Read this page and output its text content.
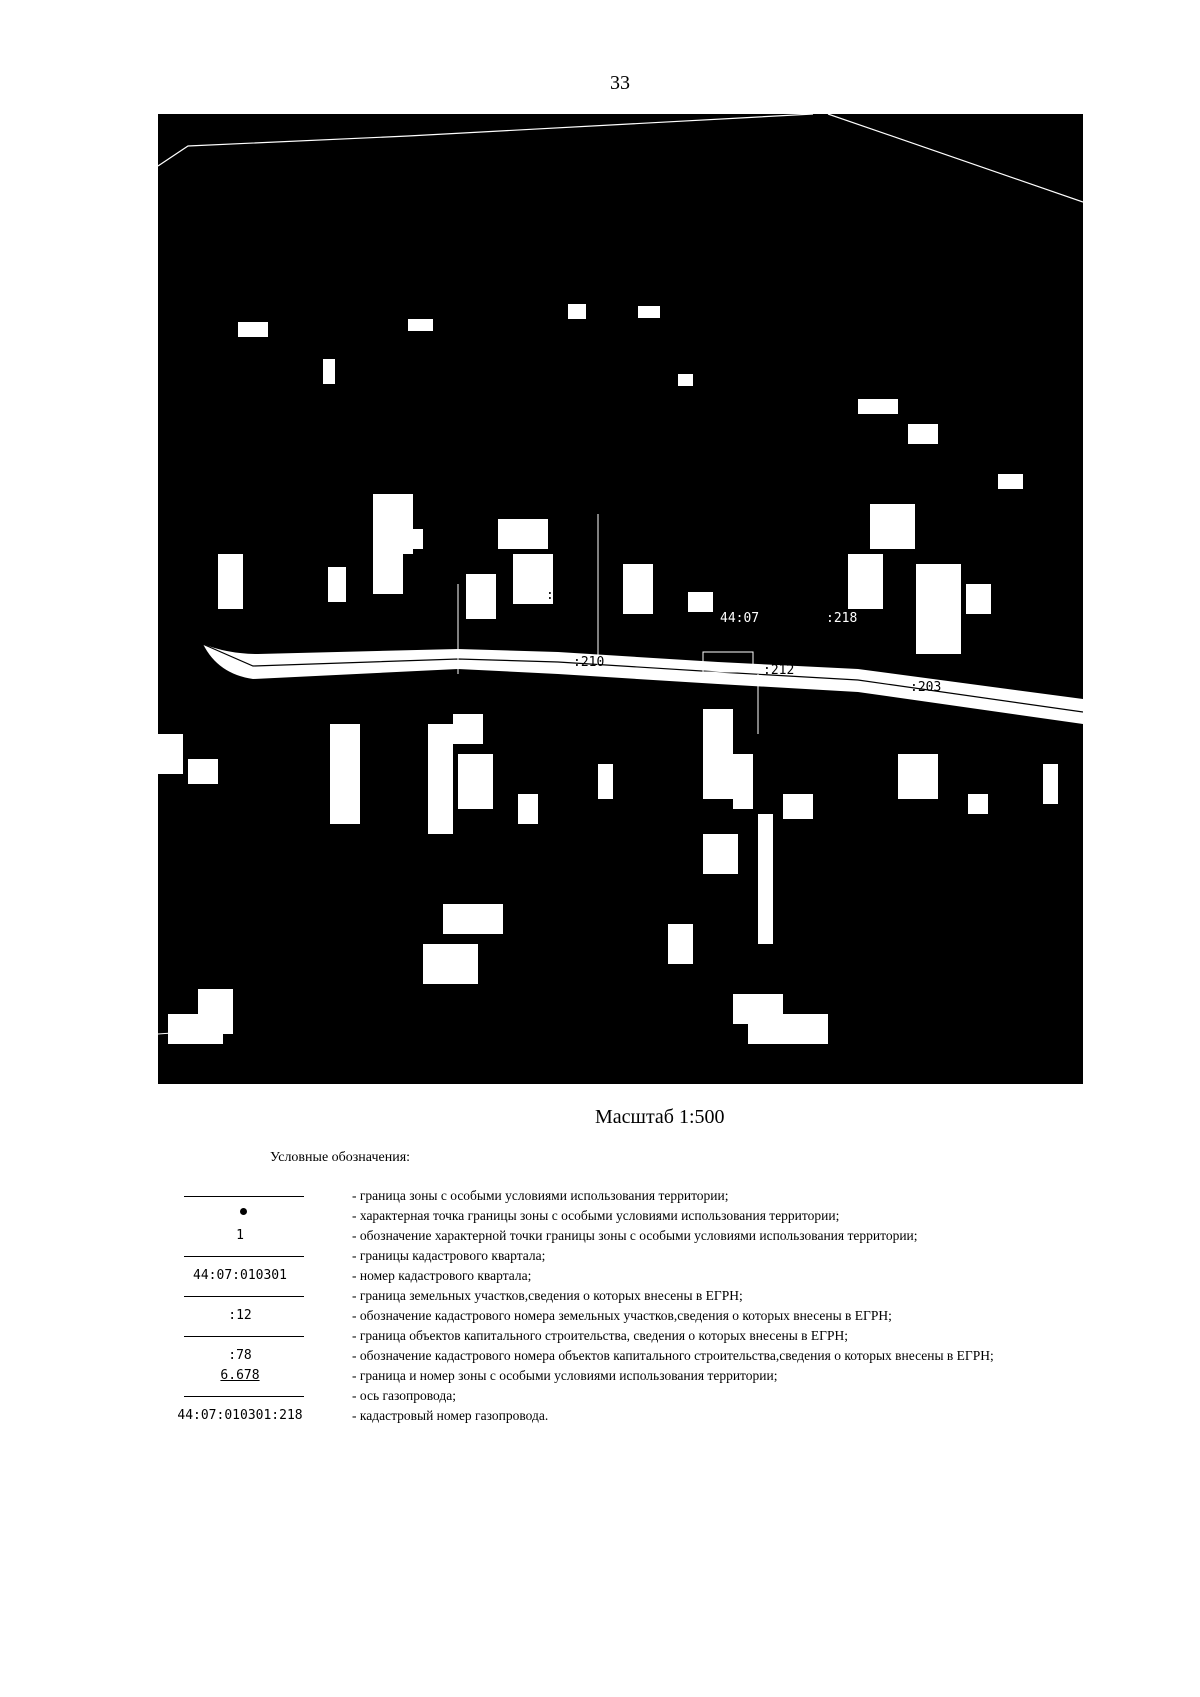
33
:78
:210
:212
:203
44:07	:218
Масштаб 1:500
Условные обозначения:
- граница зоны с особыми условиями использования территории;
- характерная точка границы зоны с особыми условиями использования территории;
1	- обозначение характерной точки границы зоны с особыми условиями использования территории;
- границы кадастрового квартала;
44:07:010301	- номер кадастрового квартала;
- граница земельных участков,сведения о которых внесены в ЕГРН;
:12	- обозначение кадастрового номера земельных участков,сведения о которых внесены в ЕГРН;
- граница объектов капитального строительства, сведения о которых внесены в ЕГРН;
:78	- обозначение кадастрового номера объектов капитального строительства,сведения о которых внесены в ЕГРН;
6.678	- граница и номер зоны с особыми условиями использования территории;
- ось газопровода;
44:07:010301:218	- кадастровый номер газопровода.
